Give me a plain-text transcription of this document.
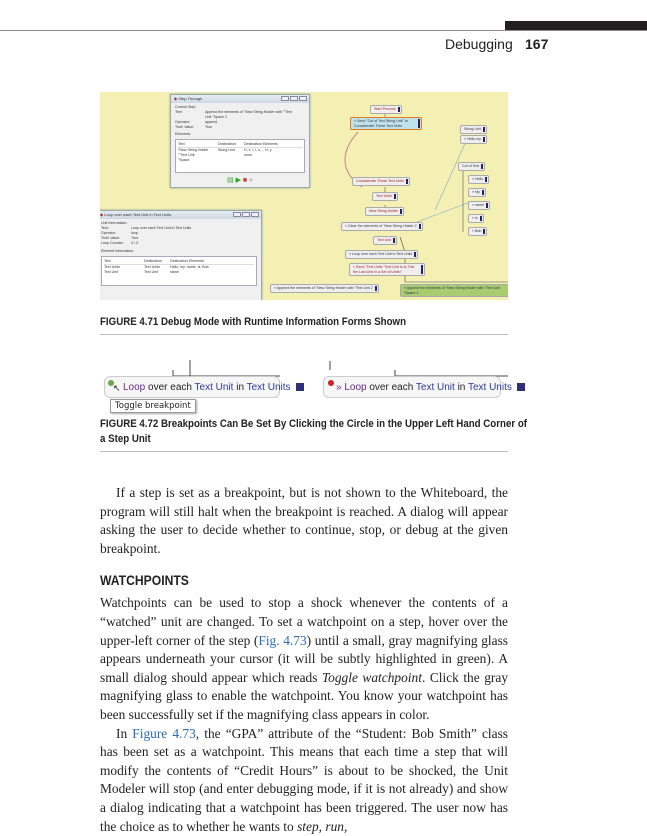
Debugging 167
◆ Step Through
Current Step:
Text:	Append the elements of "New String Holder with ""Text
Unit "Space 2
Operator:	append
Truth Value:	True
Elements:
Text	Destination	Destination Elements
"New String Holder	String Unit	H, e, l, l, o, ., H, y
""Text Unit	none
"Space
▤ ▶ ■ ⌕
◆ Loop over each Text Unit in Text Units
Unit Information:
Text:	Loop over each Text Unit in Text Units
Operator:	loop
Truth Value:	True
Loop Counter:	3 / 3
Element Information:
Text	Destination	Destination Elements
Text Units	Text Units	Hello, my, name, is, Bob
Text Unit	Text Unit	name
Start Process
» Send "Cut of Text String Unit" to Concatenate These Text Units
String Unit
» Hello my
Concatenate These Text Units
Text Units
New String Holder
» Clear the elements of "New String Holder 2
Text Unit
» Loop over each Text Unit in Text Units
» Send "Text Units "Text Unit to Is This the Last Unit in a Set of Units?
» Append the elements of "New String Holder with "Text Unit 2	» Append the elements of "New String Holder with "Text Unit "Space 2
Cut of Text
» Hello
» My
» name
» is
» Bob
FIGURE 4.71 Debug Mode with Runtime Information Forms Shown
↖ Loop over each Text Unit in Text Units
Toggle breakpoint
» Loop over each Text Unit in Text Units
FIGURE 4.72 Breakpoints Can Be Set By Clicking the Circle in the Upper Left Hand Corner of
a Step Unit

If a step is set as a breakpoint, but is not shown to the Whiteboard, the program will still halt when the breakpoint is reached. A dialog will appear asking the user to decide whether to continue, stop, or debug at the given breakpoint.

WATCHPOINTS

Watchpoints can be used to stop a shock whenever the contents of a “watched” unit are changed. To set a watchpoint on a step, hover over the upper-left corner of the step (Fig. 4.73) until a small, gray magnifying glass appears underneath your cursor (it will be subtly highlighted in green). A small dialog should appear which reads Toggle watchpoint. Click the gray magnifying glass to enable the watchpoint. You know your watchpoint has been successfully set if the magnifying class appears in color.

In Figure 4.73, the “GPA” attribute of the “Student: Bob Smith” class has been set as a watchpoint. This means that each time a step that will modify the contents of “Credit Hours” is about to be shocked, the Unit Modeler will stop (and enter debugging mode, if it is not already) and show a dialog indicating that a watchpoint has been triggered. The user now has the choice as to whether he wants to step, run,
